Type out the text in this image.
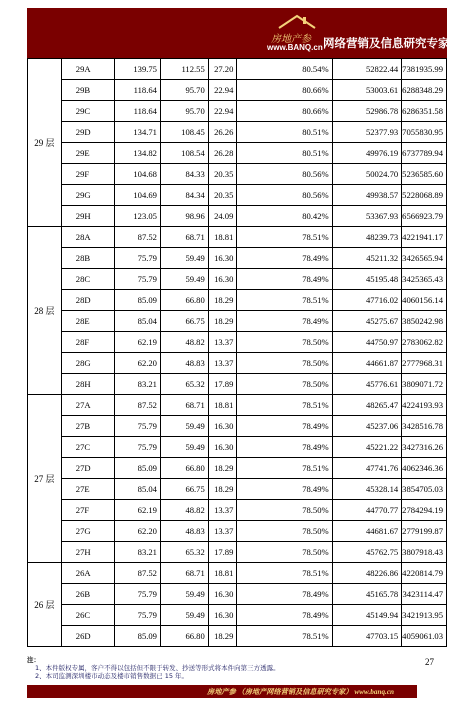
房地产参
www.BANQ.cn 网络营销及信息研究专家
29 层	29A	139.75	112.55	27.20	80.54%	52822.44	7381935.99
	29B	118.64	95.70	22.94	80.66%	53003.61	6288348.29
	29C	118.64	95.70	22.94	80.66%	52986.78	6286351.58
	29D	134.71	108.45	26.26	80.51%	52377.93	7055830.95
	29E	134.82	108.54	26.28	80.51%	49976.19	6737789.94
	29F	104.68	84.33	20.35	80.56%	50024.70	5236585.60
	29G	104.69	84.34	20.35	80.56%	49938.57	5228068.89
	29H	123.05	98.96	24.09	80.42%	53367.93	6566923.79
28 层	28A	87.52	68.71	18.81	78.51%	48239.73	4221941.17
	28B	75.79	59.49	16.30	78.49%	45211.32	3426565.94
	28C	75.79	59.49	16.30	78.49%	45195.48	3425365.43
	28D	85.09	66.80	18.29	78.51%	47716.02	4060156.14
	28E	85.04	66.75	18.29	78.49%	45275.67	3850242.98
	28F	62.19	48.82	13.37	78.50%	44750.97	2783062.82
	28G	62.20	48.83	13.37	78.50%	44661.87	2777968.31
	28H	83.21	65.32	17.89	78.50%	45776.61	3809071.72
27 层	27A	87.52	68.71	18.81	78.51%	48265.47	4224193.93
	27B	75.79	59.49	16.30	78.49%	45237.06	3428516.78
	27C	75.79	59.49	16.30	78.49%	45221.22	3427316.26
	27D	85.09	66.80	18.29	78.51%	47741.76	4062346.36
	27E	85.04	66.75	18.29	78.49%	45328.14	3854705.03
	27F	62.19	48.82	13.37	78.50%	44770.77	2784294.19
	27G	62.20	48.83	13.37	78.50%	44681.67	2779199.87
	27H	83.21	65.32	17.89	78.50%	45762.75	3807918.43
26 层	26A	87.52	68.71	18.81	78.51%	48226.86	4220814.79
	26B	75.79	59.49	16.30	78.49%	45165.78	3423114.47
	26C	75.79	59.49	16.30	78.49%	45149.94	3421913.95
	26D	85.09	66.80	18.29	78.51%	47703.15	4059061.03
27
注：
1、本件版权专属，客户不得以包括但不限于转发、抄送等形式将本件向第三方透露。
2、本司监测深圳楼市动态及楼市销售数据已 15 年。
房地产参 （房地产网络营销及信息研究专家） www.banq.cn
